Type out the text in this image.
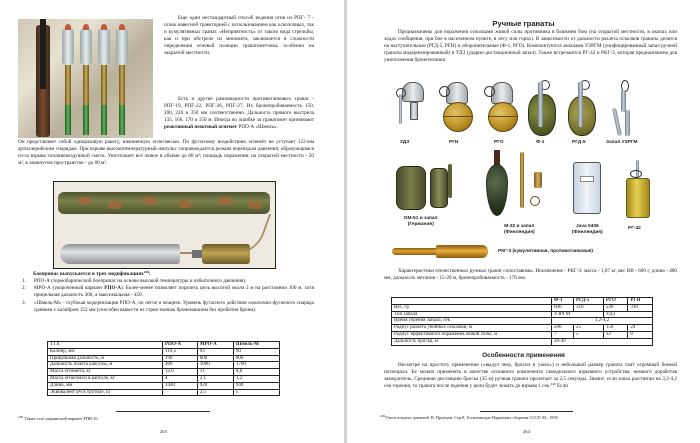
Еще один нестандартный способ ведения огня из РПГ- 7 - огонь навесной траекторией с использованием как осколочных, так и кумулятивных гранат. «Неприятность» от такого вида стрельбы, как и при обстреле из миномета, заключается в сложности определения огневой позиции гранатометчика, особенно на закрытой местности.

Есть и другие разновидности противотанковых гранат - РПГ-19, РПГ-22, РПГ-26, РПГ-27. Их бронепробиваемость 150, 200, 220 и 350 мм соответственно. Дальность прямого выстрела 135, 160, 170 и 150 м. Иногда по ошибке за гранатомет принимают реактивный пехотный огнемет РПО-А «Шмель».

Он представляет собой одноразовую ракету, начиненную огнесмесью. По фугасному воздействию огнемёт не уступает 122-мм артиллерийским снарядам. При взрыве высокотемпературный импульс сопровождается резким перепадом давления, образующимся из-за взрыва топливовоздушной смеси. Уничтожает всё живое в объёме до 80 м³; площадь поражения: на открытой местности - 50 м², в замкнутом пространстве - до 80 м².

Боеприпас выпускается в трех модификациях$^{248}$:
1. РПО-А (термобарический боеприпас на основе высокой температуры и избыточного давления).
2. МРО-А (укороченный вариант РПО-А). Более-менее позволяет поразить цель высотой около 2 м на расстоянии 100 м, хотя прицельная дальность 300, а максимальная - 450.
3. «Шмель-М» - глубокая модернизация РПО-А, он легче и мощнее. Уровень фугасного действия осколочно-фугасного снаряда сравним с калибром 152 мм (способен вывести из строя экипаж бронемашины без пробития брони).
ТТХ	РПО-А	МРО-А	Шмель-М
Калибр, мм	110,5	93	90
Прицельная дальность, м	190	600	800
Дальность полета капсулы, м	400	1000	1700
Масса огнемета, кг	12,6	11	8,8
Масса огнесмеси в капсуле, кг	4	2,1	3,2
Длина, мм	1440	920	940
Эквивалент БЧ в тротиле, кг		2,5	5
$^{248}$ Также есть украинский вариант РПВ-16
263
Ручные гранаты

Предназначены для поражения осколками живой силы противника в ближнем бою (на открытой местности, в окопах или ходах сообщения, при бое в населенном пункте, в лесу или горах). В зависимости от дальности разлета осколков гранаты делятся на наступательные (РГД-5, РГН) и оборонительные (Ф-1, РГО). Комплектуются запалами УЗРГМ (унифицированный запал ручной гранаты модернизированный) и УДЗ (ударно-дистанционный запал). Также встречаются РГ-42 и РКГ-3, которая предназначена для уничтожения бронетехники.

УДЗ	РГН	РГО	Ф-1	РГД-5	Запал УЗРГМ
DM-51 и запал
(Германия)	М-32 и запал
(Финляндия)
Java 0406
(Финляндия)
РГ-42
РКГ-3 (кумулятивная, противотанковая)

Характеристики отечественных ручных гранат сопоставимы. Исключение - РКГ-3: масса - 1,07 кг, вес ВВ - 600 г, длина - 400 мм, дальность метания - 15-20 м, бронепробиваемость - 170 мм.

	Ф-1	РГД-5	РГО	РГН
Вес, гр	600	310	530	310
Тип запала	УЗРГМ		УДЗ	
Время горения запала, сек	3,2-4,2			
Радиус разлета убойных осколков, м	200	25	150	24
Радиус эффективного поражения живой силы, м	7	5	12	8
Дальность броска, м	20-40			
Особенности применения

Несмотря на простоту применения («выдул чеку, бросил и ушел») и небольшой размер граната таит огромный боевой потенциал. Ее можно применить в качестве основного компонента самодельного взрывного устройства, немного доработав замедлитель. Среднюю дистанцию броска (35 м) ручная граната пролетает за 2,5 секунды. Значит, если запал рассчитан на 3,2-4,2 сек горения, то граната после падения у цели будет лежать до взрыва 1 сек.$^{249}$ Если

$^{249}$Учись владеть гранатой. В. Прунцов. Стр.8, Госвоениздат Наркомата обороны СССР, М., 1939
264
